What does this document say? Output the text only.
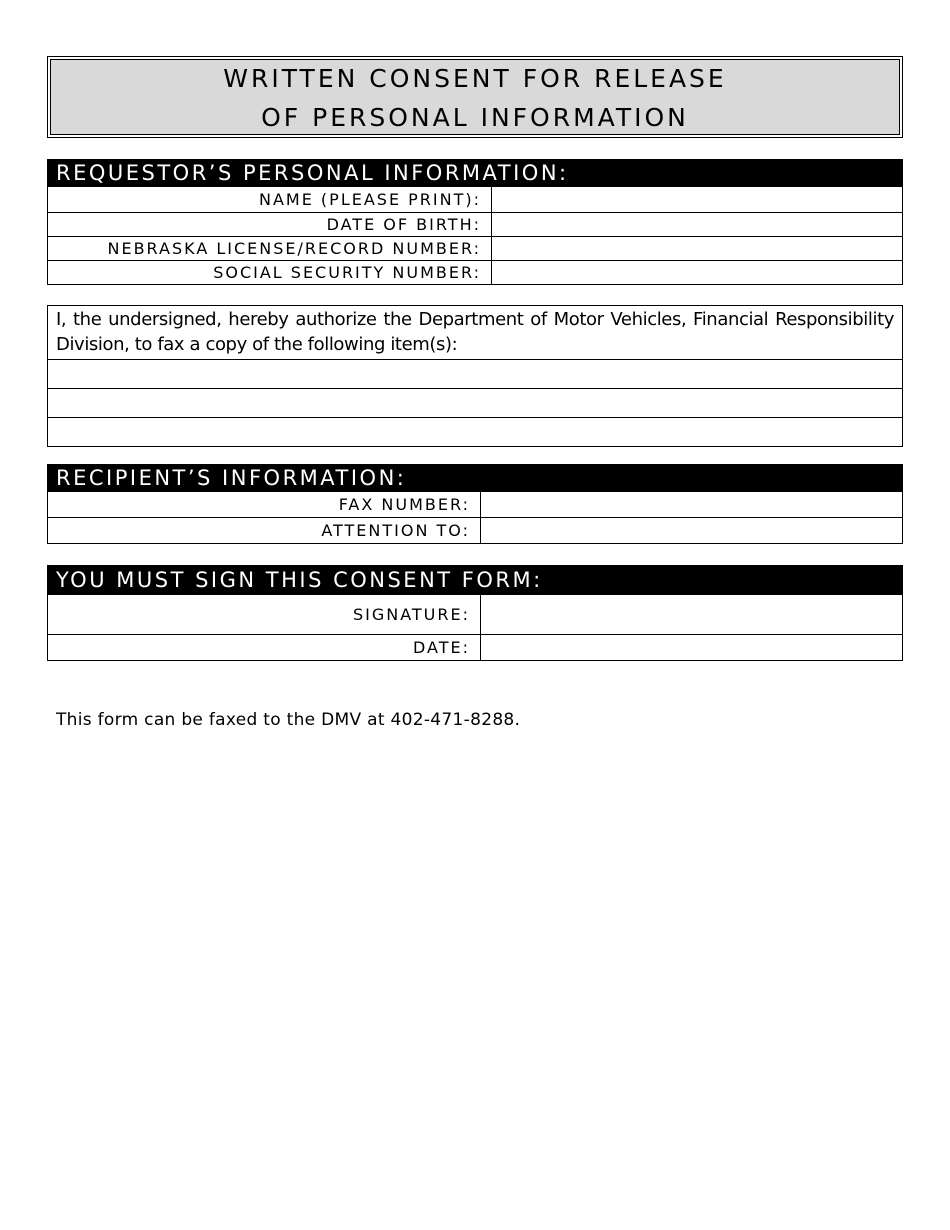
WRITTEN CONSENT FOR RELEASE
OF PERSONAL INFORMATION
REQUESTOR’S PERSONAL INFORMATION:
NAME (PLEASE PRINT):
DATE OF BIRTH:
NEBRASKA LICENSE/RECORD NUMBER:
SOCIAL SECURITY NUMBER:
I, the undersigned, hereby authorize the Department of Motor Vehicles, Financial Responsibility Division, to fax a copy of the following item(s):
RECIPIENT’S INFORMATION:
FAX NUMBER:
ATTENTION TO:
YOU MUST SIGN THIS CONSENT FORM:
SIGNATURE:
DATE:
This form can be faxed to the DMV at 402-471-8288.
